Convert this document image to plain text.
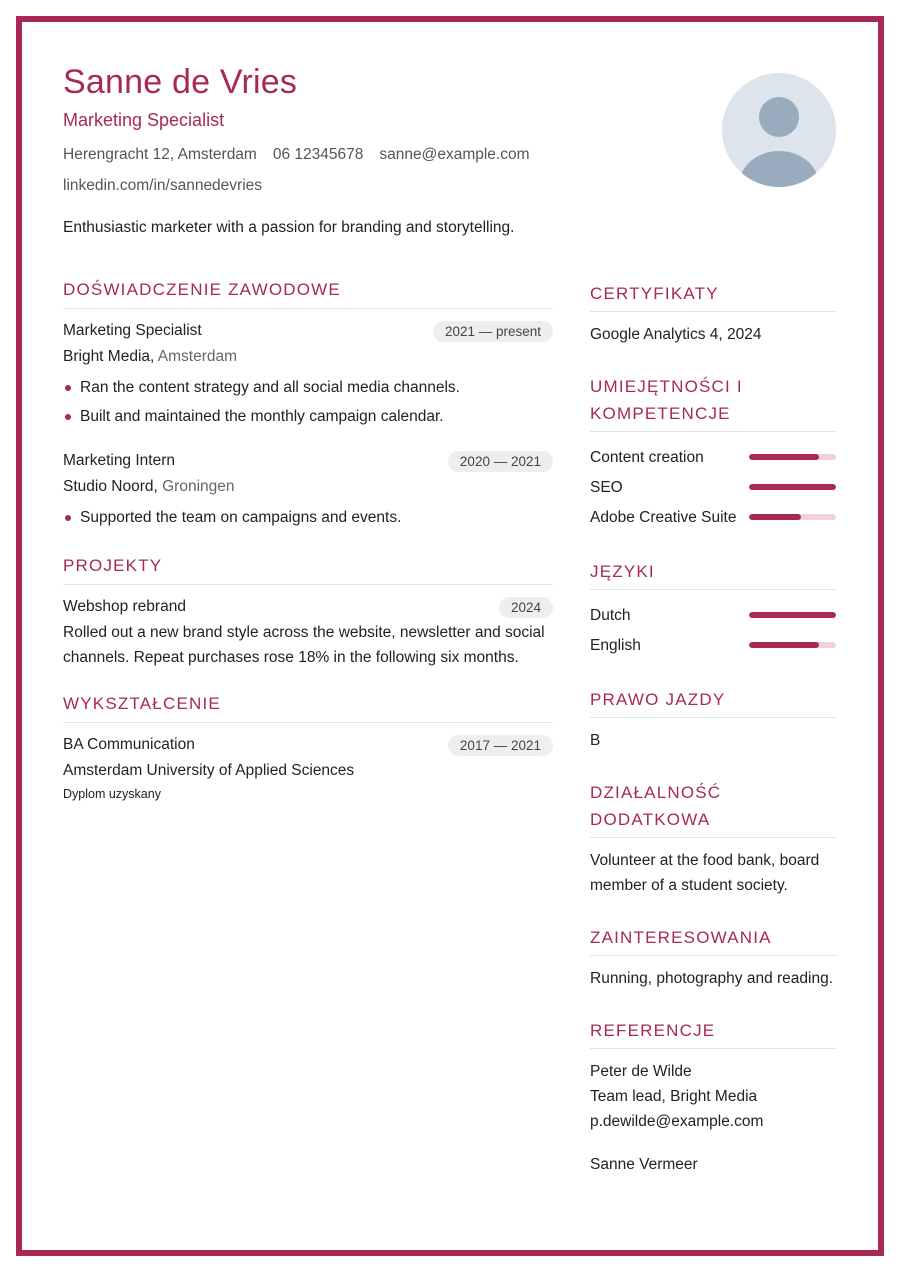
Sanne de Vries
Marketing Specialist
Herengracht 12, Amsterdam 06 12345678 sanne@example.com
linkedin.com/in/sannedevries
Enthusiastic marketer with a passion for branding and storytelling.
DOŚWIADCZENIE ZAWODOWE
Marketing Specialist	2021 — present
Bright Media, Amsterdam
Ran the content strategy and all social media channels.
Built and maintained the monthly campaign calendar.
Marketing Intern	2020 — 2021
Studio Noord, Groningen
Supported the team on campaigns and events.
PROJEKTY
Webshop rebrand	2024
Rolled out a new brand style across the website, newsletter and social channels. Repeat purchases rose 18% in the following six months.
WYKSZTAŁCENIE
BA Communication	2017 — 2021
Amsterdam University of Applied Sciences
Dyplom uzyskany
CERTYFIKATY
Google Analytics 4, 2024
UMIEJĘTNOŚCI I KOMPETENCJE
Content creation
SEO
Adobe Creative Suite
JĘZYKI
Dutch
English
PRAWO JAZDY
B
DZIAŁALNOŚĆ DODATKOWA
Volunteer at the food bank, board member of a student society.
ZAINTERESOWANIA
Running, photography and reading.
REFERENCJE
Peter de Wilde
Team lead, Bright Media
p.dewilde@example.com
Sanne Vermeer
